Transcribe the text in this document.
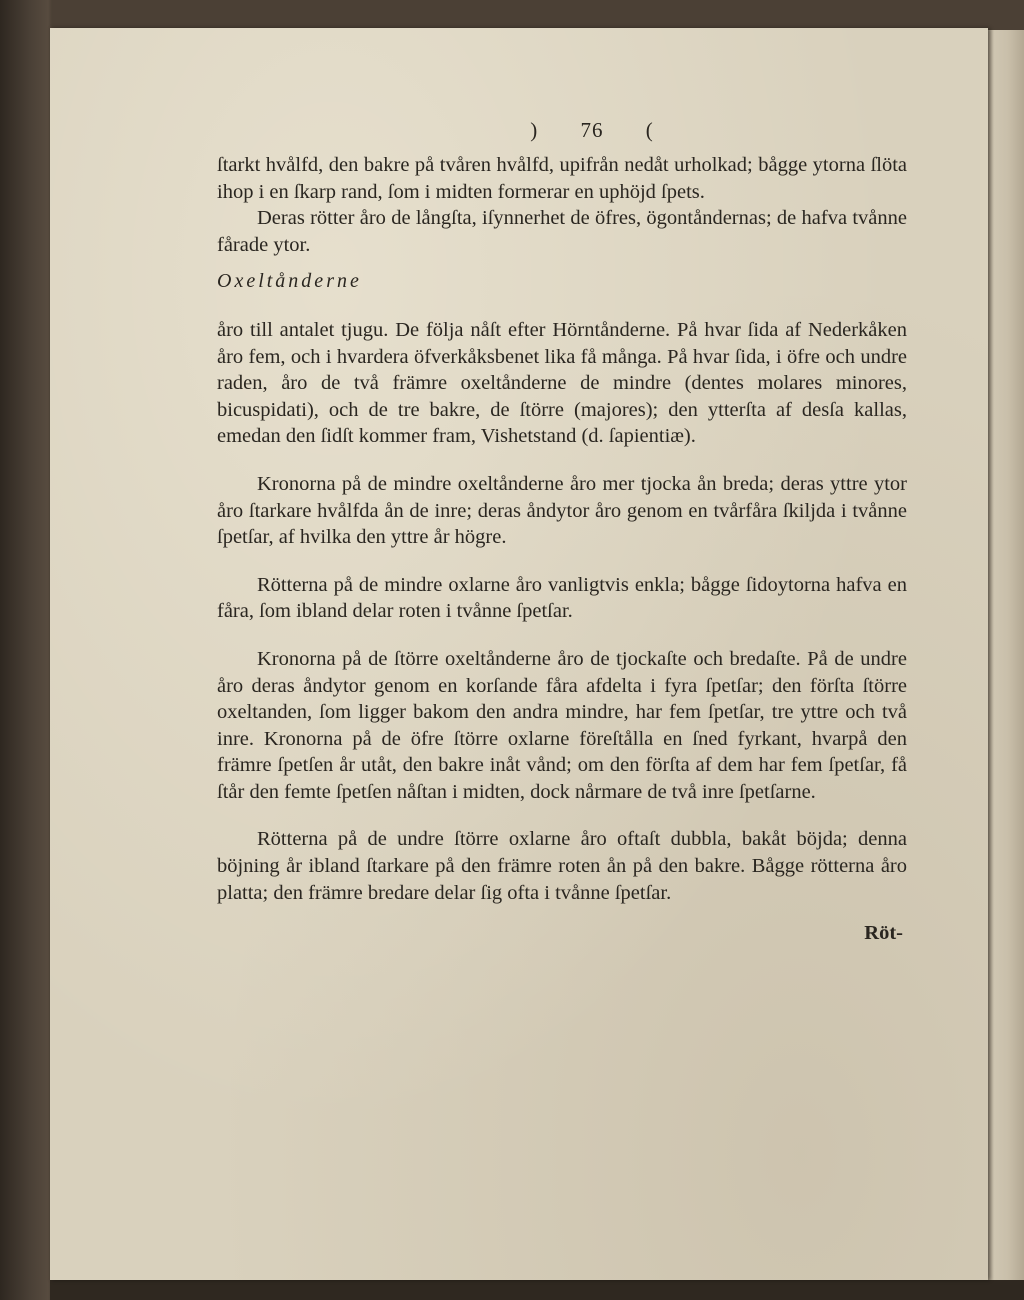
) 76 (

ſtarkt hvålfd, den bakre på tvåren hvålfd, upifrån nedåt urholkad; bågge ytorna ſlöta ihop i en ſkarp rand, ſom i midten formerar en uphöjd ſpets.

Deras rötter åro de långſta, iſynnerhet de öfres, ögontåndernas; de hafva tvånne fårade ytor.

Oxeltånderne

åro till antalet tjugu. De följa nåſt efter Hörntånderne. På hvar ſida af Nederkåken åro fem, och i hvardera öfverkåksbenet lika få många. På hvar ſida, i öfre och undre raden, åro de två främre oxeltånderne de mindre (dentes molares minores, bicuspidati), och de tre bakre, de ſtörre (majores); den ytterſta af desſa kallas, emedan den ſidſt kommer fram, Vishetstand (d. ſapientiæ).

Kronorna på de mindre oxeltånderne åro mer tjocka ån breda; deras yttre ytor åro ſtarkare hvålfda ån de inre; deras åndytor åro genom en tvårfåra ſkiljda i tvånne ſpetſar, af hvilka den yttre år högre.

Rötterna på de mindre oxlarne åro vanligtvis enkla; bågge ſidoytorna hafva en fåra, ſom ibland delar roten i tvånne ſpetſar.

Kronorna på de ſtörre oxeltånderne åro de tjockaſte och bredaſte. På de undre åro deras åndytor genom en korſande fåra afdelta i fyra ſpetſar; den förſta ſtörre oxeltanden, ſom ligger bakom den andra mindre, har fem ſpetſar, tre yttre och två inre. Kronorna på de öfre ſtörre oxlarne föreſtålla en ſned fyrkant, hvarpå den främre ſpetſen år utåt, den bakre inåt vånd; om den förſta af dem har fem ſpetſar, få ſtår den femte ſpetſen nåſtan i midten, dock nårmare de två inre ſpetſarne.

Rötterna på de undre ſtörre oxlarne åro oftaſt dubbla, bakåt böjda; denna böjning år ibland ſtarkare på den främre roten ån på den bakre. Bågge rötterna åro platta; den främre bredare delar ſig ofta i tvånne ſpetſar.

Röt-
